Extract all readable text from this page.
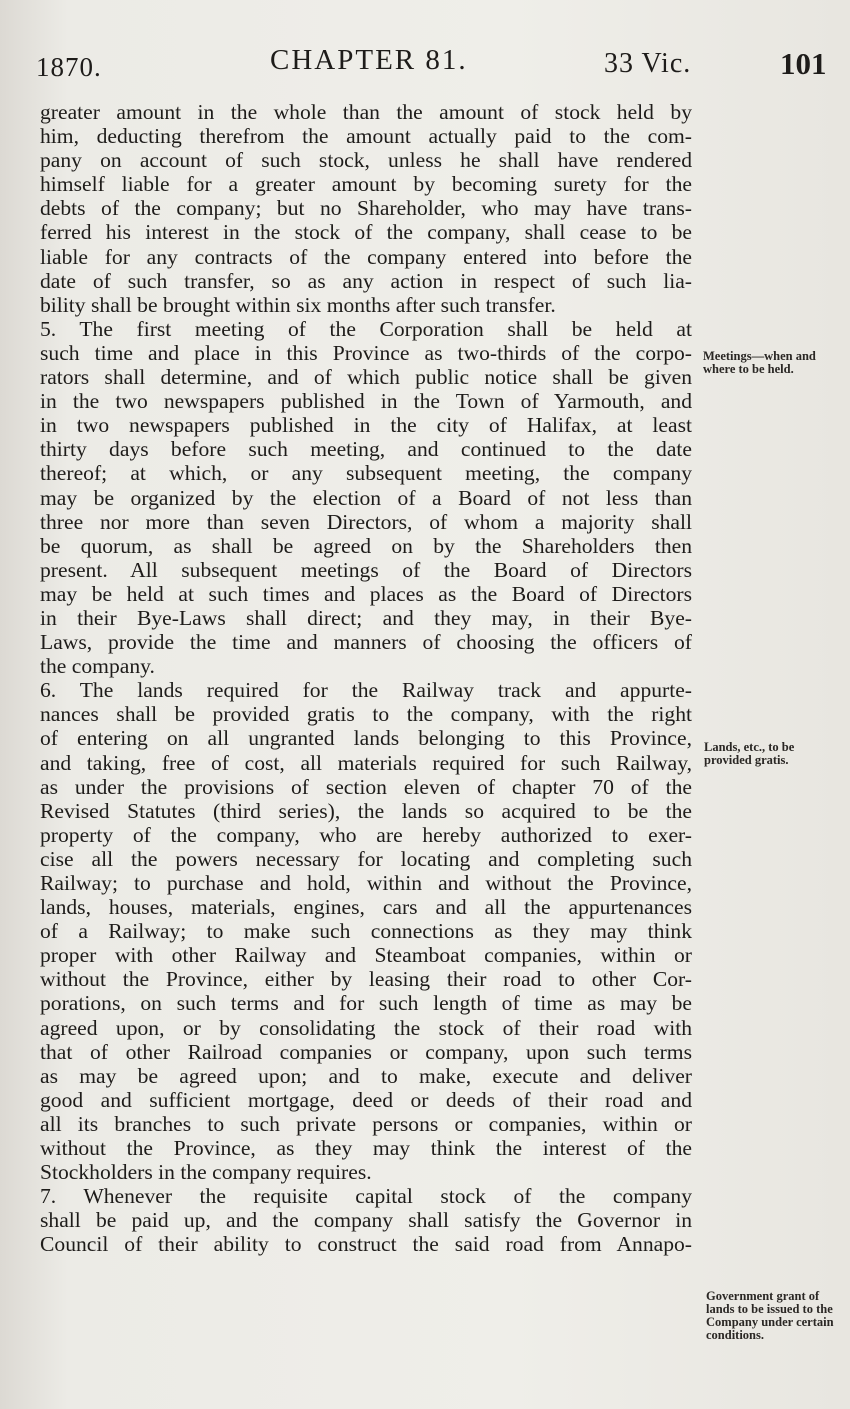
1870.	CHAPTER 81.	33 Vic.	101
greater amount in the whole than the amount of stock held by
him, deducting therefrom the amount actually paid to the com-
pany on account of such stock, unless he shall have rendered
himself liable for a greater amount by becoming surety for the
debts of the company; but no Shareholder, who may have trans-
ferred his interest in the stock of the company, shall cease to be
liable for any contracts of the company entered into before the
date of such transfer, so as any action in respect of such lia-
bility shall be brought within six months after such transfer.
5. The first meeting of the Corporation shall be held at
such time and place in this Province as two-thirds of the corpo-
rators shall determine, and of which public notice shall be given
in the two newspapers published in the Town of Yarmouth, and
in two newspapers published in the city of Halifax, at least
thirty days before such meeting, and continued to the date
thereof; at which, or any subsequent meeting, the company
may be organized by the election of a Board of not less than
three nor more than seven Directors, of whom a majority shall
be quorum, as shall be agreed on by the Shareholders then
present. All subsequent meetings of the Board of Directors
may be held at such times and places as the Board of Directors
in their Bye-Laws shall direct; and they may, in their Bye-
Laws, provide the time and manners of choosing the officers of
the company.
6. The lands required for the Railway track and appurte-
nances shall be provided gratis to the company, with the right
of entering on all ungranted lands belonging to this Province,
and taking, free of cost, all materials required for such Railway,
as under the provisions of section eleven of chapter 70 of the
Revised Statutes (third series), the lands so acquired to be the
property of the company, who are hereby authorized to exer-
cise all the powers necessary for locating and completing such
Railway; to purchase and hold, within and without the Province,
lands, houses, materials, engines, cars and all the appurtenances
of a Railway; to make such connections as they may think
proper with other Railway and Steamboat companies, within or
without the Province, either by leasing their road to other Cor-
porations, on such terms and for such length of time as may be
agreed upon, or by consolidating the stock of their road with
that of other Railroad companies or company, upon such terms
as may be agreed upon; and to make, execute and deliver
good and sufficient mortgage, deed or deeds of their road and
all its branches to such private persons or companies, within or
without the Province, as they may think the interest of the
Stockholders in the company requires.
7. Whenever the requisite capital stock of the company
shall be paid up, and the company shall satisfy the Governor in
Council of their ability to construct the said road from Annapo-
Meetings—when and where to be held.
Lands, etc., to be provided gratis.
Government grant of lands to be issued to the Company under certain conditions.
